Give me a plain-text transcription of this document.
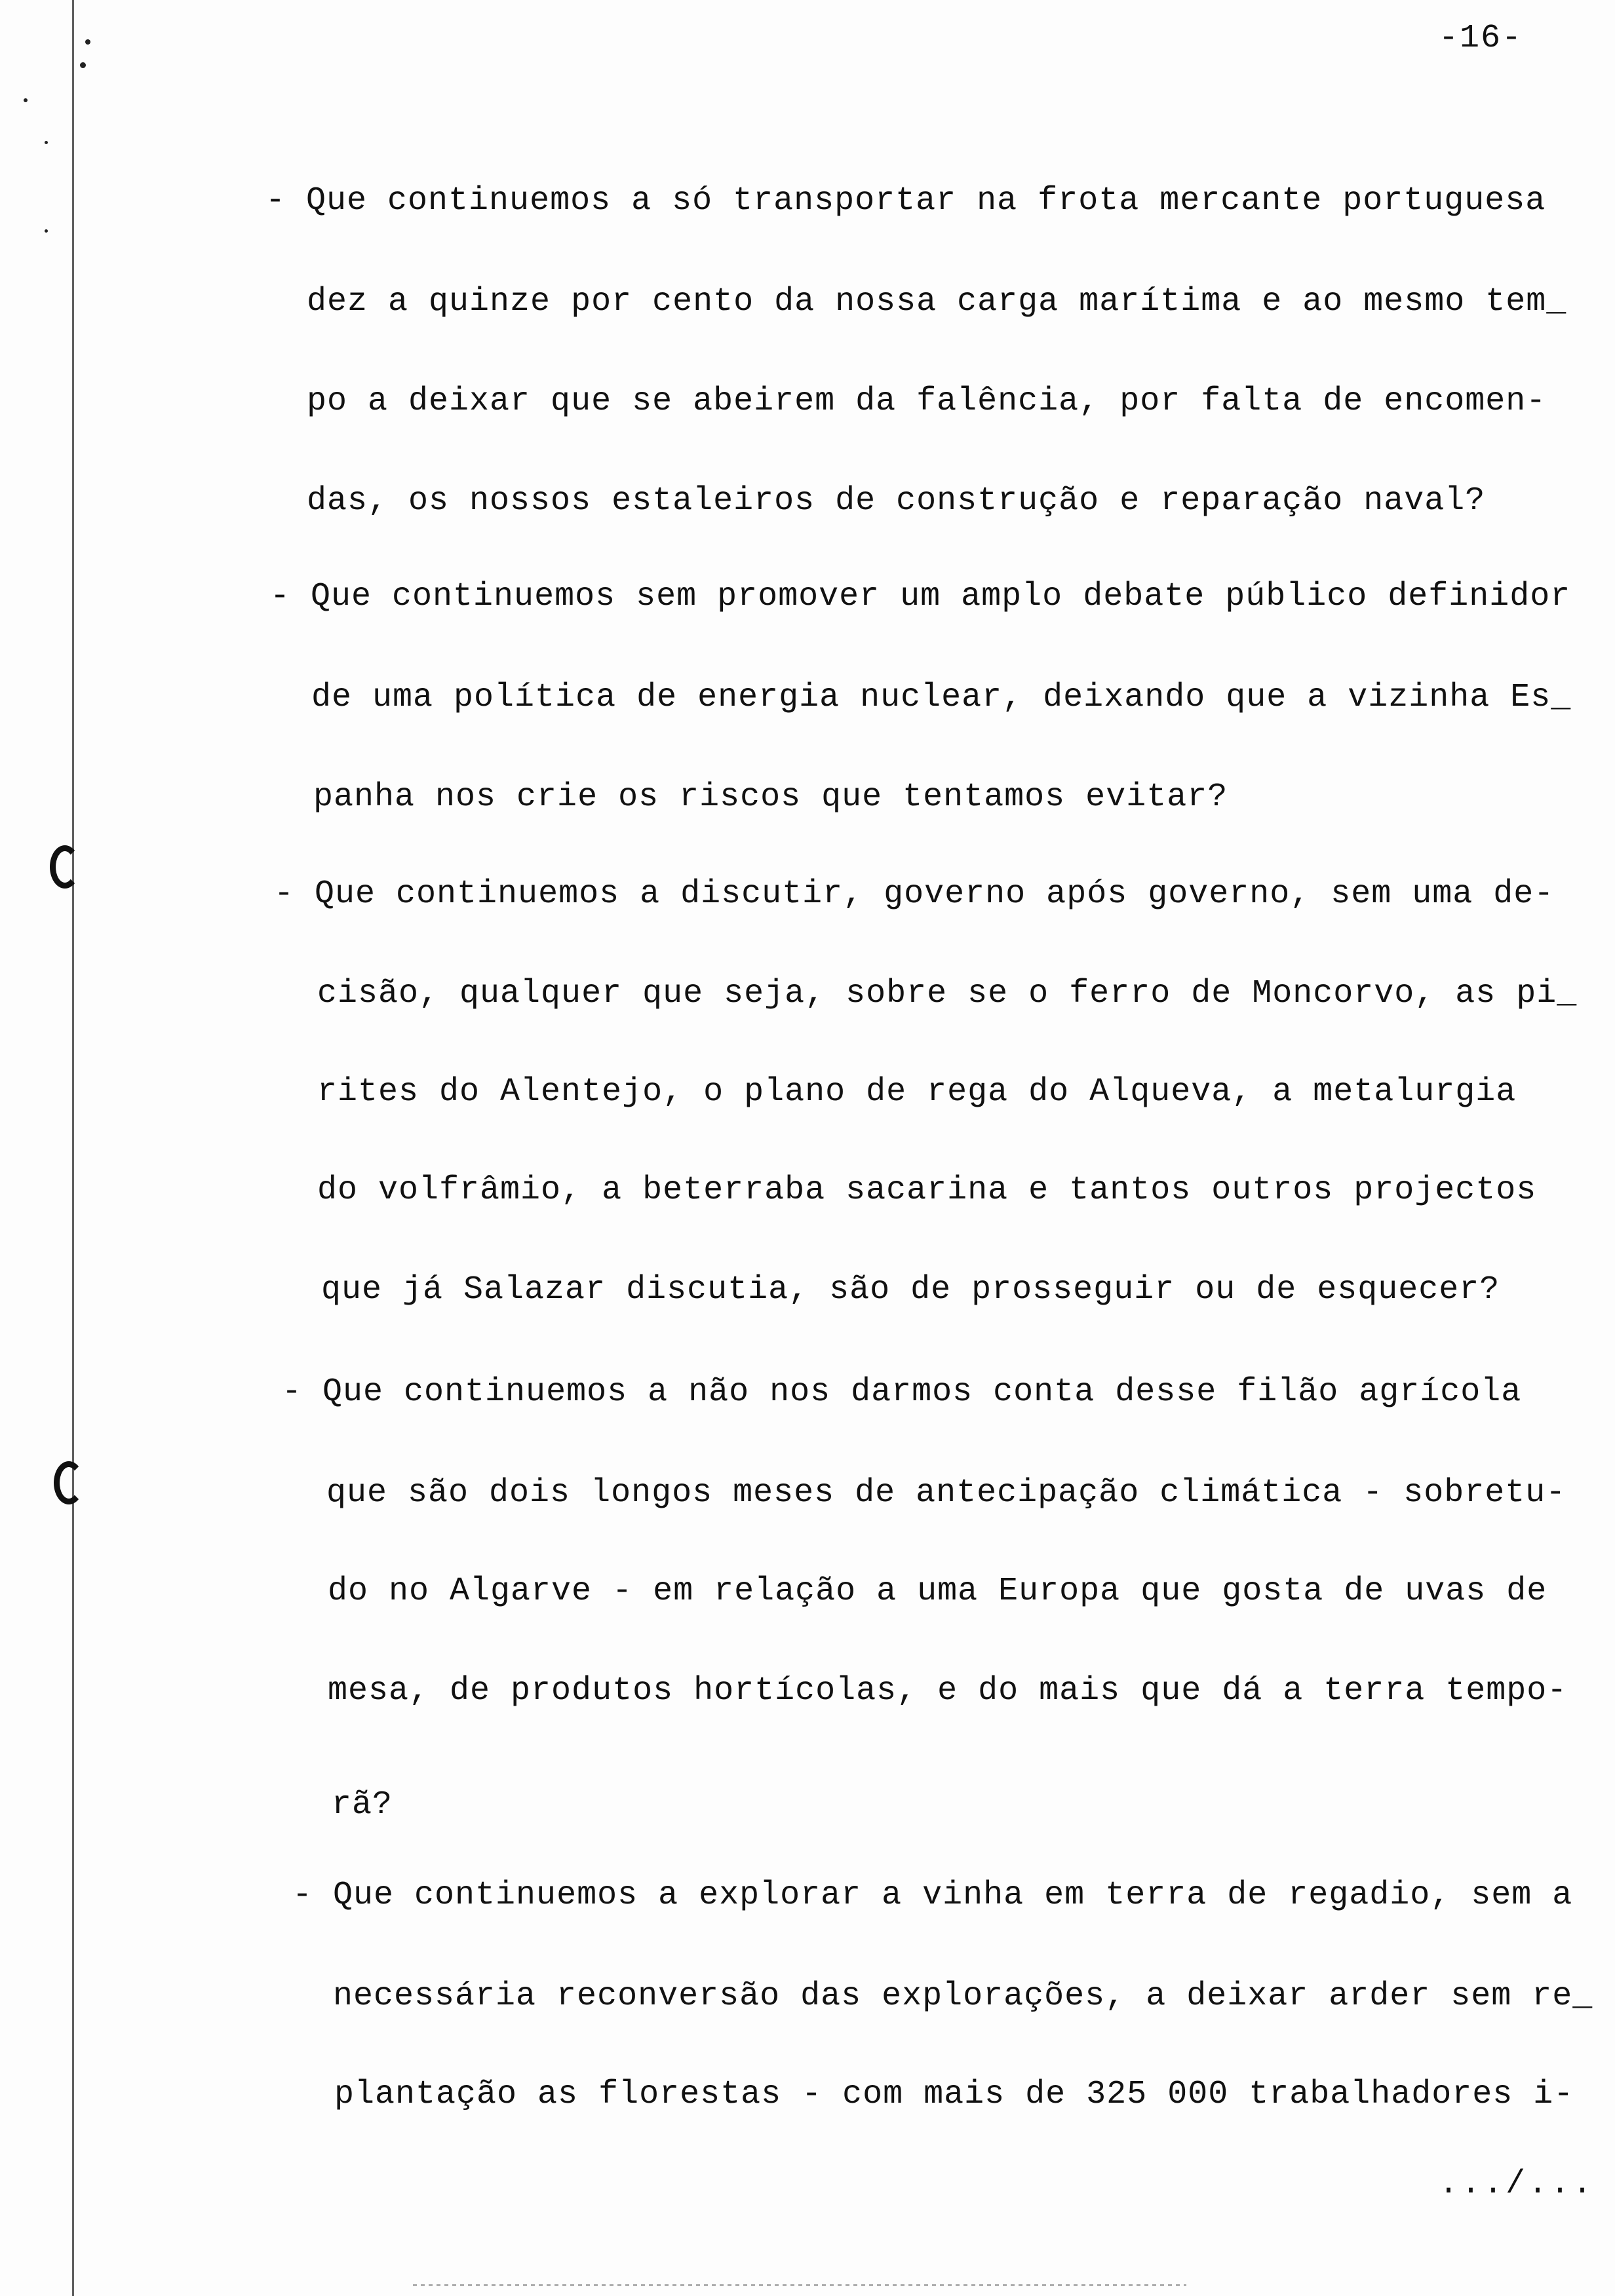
-16-
- Que continuemos a só transportar na frota mercante portuguesa
dez a quinze por cento da nossa carga marítima e ao mesmo tem_
po a deixar que se abeirem da falência, por falta de encomen-
das, os nossos estaleiros de construção e reparação naval?
- Que continuemos sem promover um amplo debate público definidor
de uma política de energia nuclear, deixando que a vizinha Es_
panha nos crie os riscos que tentamos evitar?
- Que continuemos a discutir, governo após governo, sem uma de-
cisão, qualquer que seja, sobre se o ferro de Moncorvo, as pi_
rites do Alentejo, o plano de rega do Alqueva, a metalurgia
do volfrâmio, a beterraba sacarina e tantos outros projectos
que já Salazar discutia, são de prosseguir ou de esquecer?
- Que continuemos a não nos darmos conta desse filão agrícola
que são dois longos meses de antecipação climática - sobretu-
do no Algarve - em relação a uma Europa que gosta de uvas de
mesa, de produtos hortícolas, e do mais que dá a terra tempo-
rã?
- Que continuemos a explorar a vinha em terra de regadio, sem a
necessária reconversão das explorações, a deixar arder sem re_
plantação as florestas - com mais de 325 000 trabalhadores i-
.../...
